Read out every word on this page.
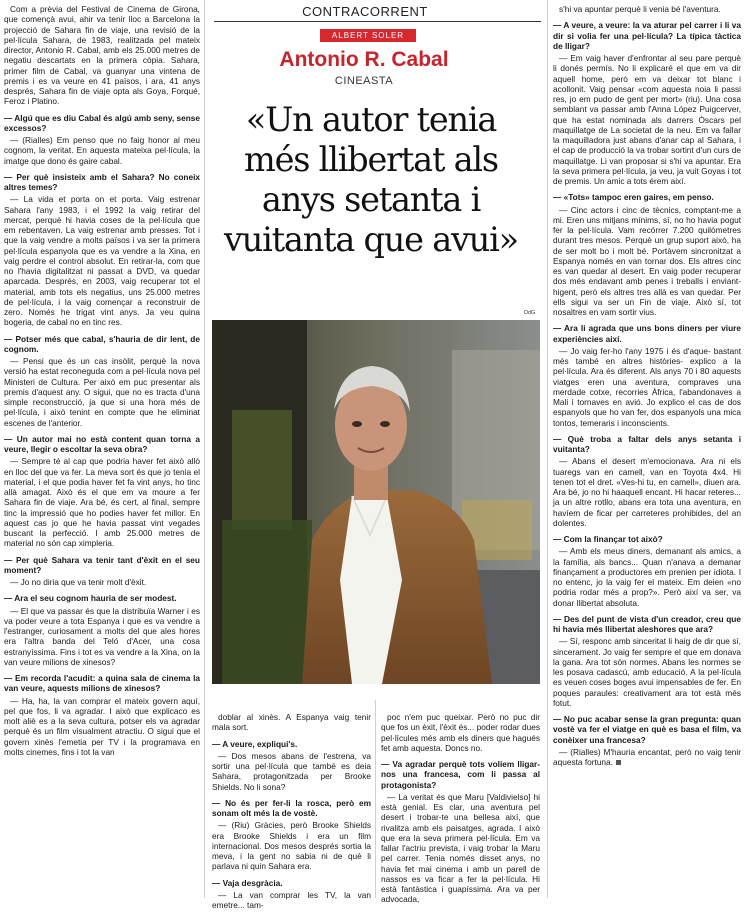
Com a prèvia del Festival de Cinema de Girona, que començà avui, ahir va tenir lloc a Barcelona la projecció de Sahara fin de viaje, una revisió de la pel·lícula Sahara, de 1983, realitzada pel mateix director, Antonio R. Cabal, amb els 25.000 metres de negatiu descartats en la primera còpia. Sahara, primer film de Cabal, va guanyar una vintena de premis i es va veure en 41 països, i ara, 41 anys després, Sahara fin de viaje opta als Goya, Forqué, Feroz i Platino.

— Algú que es diu Cabal és algú amb seny, sense excessos?

— (Rialles) Em penso que no faig honor al meu cognom, la veritat. En aquesta mateixa pel·lícula, la imatge que dono és gaire cabal.

— Per què insisteix amb el Sahara? No coneix altres temes?

— La vida et porta on et porta. Vaig estrenar Sahara l'any 1983, i el 1992 la vaig retirar del mercat, perquè hi havia coses de la pel·lícula que em rebentaven. La vaig estrenar amb presses. Tot i que la vaig vendre a molts països i va ser la primera pel·lícula espanyola que es va vendre a la Xina, en vaig perdre el control absolut. En retirar-la, com que no l'havia digitalitzat ni passat a DVD, va quedar aparcada. Després, en 2003, vaig recuperar tot el material, amb tots els negatius, uns 25.000 metres de pel·lícula, i la vaig començar a reconstruir de zero. Només he trigat vint anys. Ja veu quina bogeria, de cabal no en tinc res.

— Potser més que cabal, s'hauria de dir lent, de cognom.

— Pensi que és un cas insòlit, perquè la nova versió ha estat reconeguda com a pel·lícula nova pel Ministeri de Cultura. Per això em puc presentar als premis d'aquest any. O sigui, que no es tracta d'una simple reconstrucció, ja que si una hora més de pel·lícula, i això tenint en compte que he eliminat escenes de l'anterior.

— Un autor mai no està content quan torna a veure, llegir o escoltar la seva obra?

— Sempre té al cap que podria haver fet això allò en lloc del que va fer. La meva sort és que jo tenia el material, i el que podia haver fet fa vint anys, ho tinc allà amagat. Això és el que em va moure a fer Sahara fin de viaje. Ara bé, és cert, al final, sempre tinc la impressió que ho podies haver fet millor. En aquest cas jo que he havia passat vint vegades buscant la perfecció. I amb 25.000 metres de material no són cap ximpleria.

— Per què Sahara va tenir tant d'èxit en el seu moment?

— Jo no diria que va tenir molt d'èxit.

— Ara el seu cognom hauria de ser modest.

— El que va passar és que la distribuïa Warner i es va poder veure a tota Espanya i que es va vendre a l'estranger, curiosament a molts del que ales hores era l'altra banda del Teló d'Acer, una cosa estranyíssima. Fins i tot es va vendre a la Xina, on la van veure milions de xinesos?

— Em recorda l'acudit: a quina sala de cinema la van veure, aquests milions de xinesos?

— Ha, ha, la van comprar el mateix govern aquí, pel que fos, li va agradar. I això que explicaco es molt aliè es a la seva cultura, potser els va agradar perquè és un film visualment atractiu. O sigui que el govern xinès l'emetia per TV i la programava en molts cinemes, fins i tot la van

CONTRACORRENT
ALBERT SOLER
Antonio R. Cabal
CINEASTA
«Un autor tenia més llibertat als anys setanta i vuitanta que avui»
DdG

doblar al xinès. A Espanya vaig tenir mala sort.

— A veure, expliqui's.

— Dos mesos abans de l'estrena, va sortir una pel·lícula que també es deia Sahara, protagonitzada per Brooke Shields. No li sona?

— No és per fer-li la rosca, però em sonam olt més la de vostè.

— (Riu) Gràcies, però Brooke Shields era Brooke Shields i era un film internacional. Dos mesos després sortia la meva, i la gent no sabia ni de què li parlava ni quin Sahara era.

— Vaja desgràcia.

— La van comprar les TV, la van emetre... tam-

poc n'em puc queixar. Però no puc dir que fos un èxit, l'èxit és... poder rodar dues pel·lícules més amb els diners que hagués fet amb aquesta. Doncs no.

— Va agradar perquè tots volíem lligar- nos una francesa, com li passa al protagonista?

— La veritat és que Maru [Valdivielso] hi està genial. Es clar, una aventura pel desert i trobar-te una bellesa així, que rivalitza amb els paisatges, agrada. I això que era la seva primera pel·lícula. Em va fallar l'actriu prevista, i vaig trobar la Maru pel carrer. Tenia només disset anys, no havia fet mai cinema i amb un parell de nassos es va ficar a fer la pel·lícula. Hi està fantàstica i guapíssima. Ara va per advocada,

s'hi va apuntar perquè li venia bé l'aventura.

— A veure, a veure: la va aturar pel carrer i li va dir si volia fer una pel·lícula? La típica tàctica de lligar?

— Em vaig haver d'enfrontar al seu pare perquè li donés permís. No li explicaré el que em va dir aquell home, però em va deixar tot blanc i acollonit. Vaig pensar «com aquesta noia li passi res, jo em pudo de gent per mort» (riu). Una cosa semblant va passar amb l'Anna López Puigcerver, que ha estat nominada als darrers Òscars pel maquillatge de La societat de la neu. Em va fallar la maquilladora just abans d'anar cap al Sahara, i el cap de producció la va trobar sortint d'un curs de maquillatge. Li van proposar si s'hi va apuntar. Era la seva primera pel·lícula, ja veu, ja vuit Goyas i tot de premis. Un amic a tots érem així.

— «Tots» tampoc eren gaires, em penso.

— Cinc actors i cinc de tècnics, comptant-me a mi. Eren uns mitjans mínims, sí, no ho havia pogut fer la pel·lícula. Vam recórrer 7.200 quilòmetres durant tres mesos. Perquè un grup suport això, ha de ser molt bo i molt bé. Portàvem sincronitzat a Espanya només en van tornar dos. Els altres cinc es van quedar al desert. En vaig poder recuperar dos més endavant amb penes i treballs i enviant-higent, però els altres tres allà es van quedar. Per ells sigui va ser un Fin de viaje. Això sí, tot nosaltres en vam sortir vius.

— Ara li agrada que uns bons diners per viure experiències així.

— Jo vaig fer-ho l'any 1975 i és d'aque- bastant més també en altres històries- explico a la pel·lícula. Ara és diferent. Als anys 70 i 80 aquests viatges eren una aventura, compraves una merdade cotxe, recorries Àfrica, l'abandonaves a Mali i tornaves en avió. Jo explico el cas de dos espanyols que ho van fer, dos espanyols una mica tontos, temeraris i inconscients.

— Què troba a faltar dels anys setanta i vuitanta?

— Abans el desert m'emocionava. Ara ni els tuaregs van en camell, van en Toyota 4x4. Hi tenen tot el dret. «Ves-hi tu, en camell», diuen ara. Ara bé, jo no hi haaquell encant. Hi hacar reteres... ja un altre rotllo, abans era tota una aventura, en havíem de ficar per carreteres prohibides, del an dolentes.

— Com la finançar tot això?

— Amb els meus diners, demanant als amics, a la família, als bancs... Quan n'anava a demanar finançament a productores em prenien per idiota. I no entenc, jo la vaig fer el mateix. Em deien «no podria rodar més a prop?». Però així va ser, va donar llibertat absoluta.

— Des del punt de vista d'un creador, creu que hi havia més llibertat aleshores que ara?

— Sí, responc amb sinceritat li haig de dir que sí, sincerament. Jo vaig fer sempre el que em donava la gana. Ara tot són normes. Abans les normes se les posava cadascú, amb educació. A la pel·lícula es veuen coses boges avui impensables de fer. En poques paraules: creativament ara tot està més fotut.

— No puc acabar sense la gran pregunta: quan vostè va fer el viatge en què es basa el film, va conèixer una francesa?

— (Rialles) M'hauria encantat, però no vaig tenir aquesta fortuna.
